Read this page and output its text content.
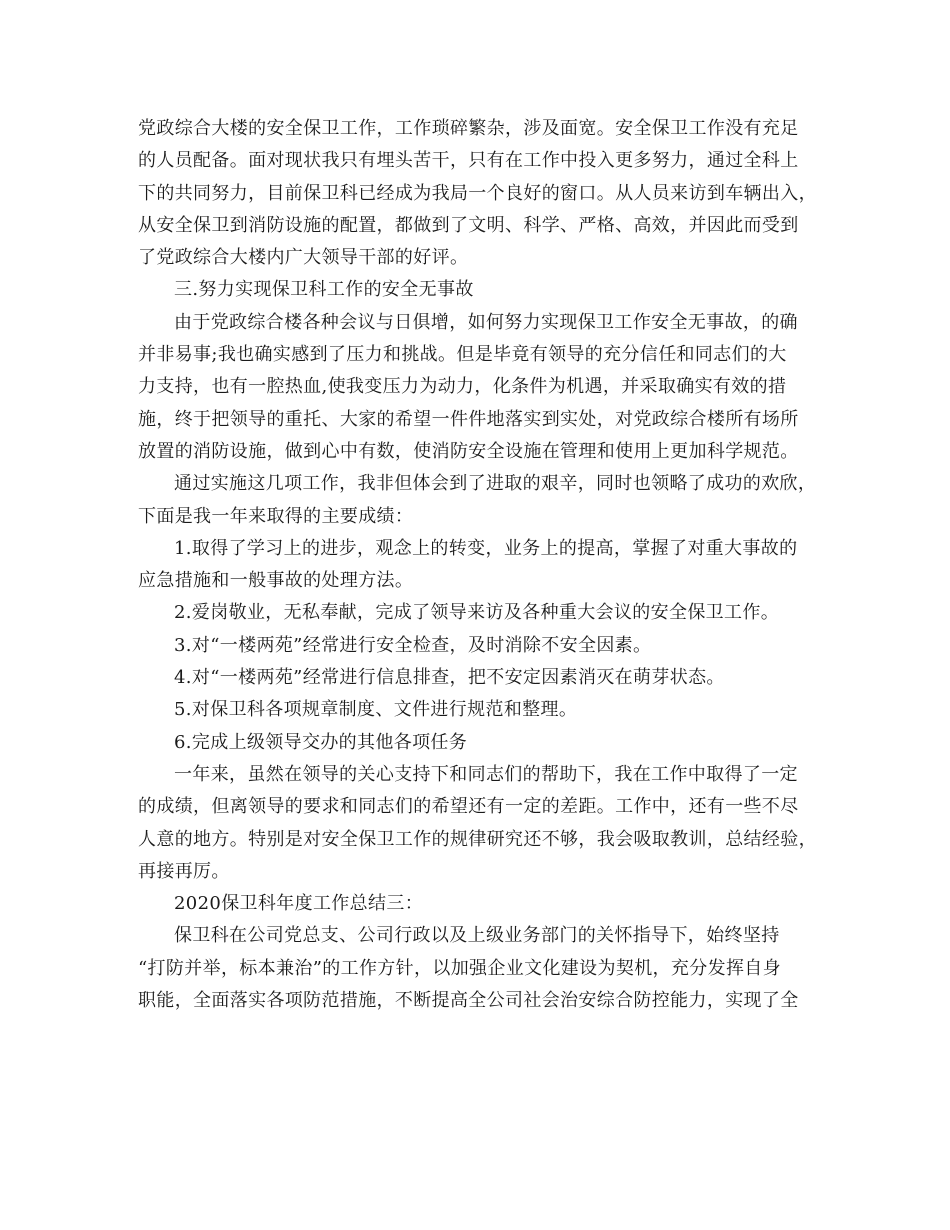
党政综合大楼的安全保卫工作，工作琐碎繁杂，涉及面宽。安全保卫工作没有充足
的人员配备。面对现状我只有埋头苦干，只有在工作中投入更多努力，通过全科上
下的共同努力，目前保卫科已经成为我局一个良好的窗口。从人员来访到车辆出入，
从安全保卫到消防设施的配置，都做到了文明、科学、严格、高效，并因此而受到
了党政综合大楼内广大领导干部的好评。
三.努力实现保卫科工作的安全无事故
由于党政综合楼各种会议与日俱增，如何努力实现保卫工作安全无事故，的确
并非易事;我也确实感到了压力和挑战。但是毕竟有领导的充分信任和同志们的大
力支持，也有一腔热血,使我变压力为动力，化条件为机遇，并采取确实有效的措
施，终于把领导的重托、大家的希望一件件地落实到实处，对党政综合楼所有场所
放置的消防设施，做到心中有数，使消防安全设施在管理和使用上更加科学规范。
通过实施这几项工作，我非但体会到了进取的艰辛，同时也领略了成功的欢欣，
下面是我一年来取得的主要成绩：
1.取得了学习上的进步，观念上的转变，业务上的提高，掌握了对重大事故的
应急措施和一般事故的处理方法。
2.爱岗敬业，无私奉献，完成了领导来访及各种重大会议的安全保卫工作。
3.对“一楼两苑”经常进行安全检查，及时消除不安全因素。
4.对“一楼两苑”经常进行信息排查，把不安定因素消灭在萌芽状态。
5.对保卫科各项规章制度、文件进行规范和整理。
6.完成上级领导交办的其他各项任务
一年来，虽然在领导的关心支持下和同志们的帮助下，我在工作中取得了一定
的成绩，但离领导的要求和同志们的希望还有一定的差距。工作中，还有一些不尽
人意的地方。特别是对安全保卫工作的规律研究还不够，我会吸取教训，总结经验，
再接再厉。
2020保卫科年度工作总结三：
保卫科在公司党总支、公司行政以及上级业务部门的关怀指导下，始终坚持
“打防并举，标本兼治”的工作方针，以加强企业文化建设为契机，充分发挥自身
职能，全面落实各项防范措施，不断提高全公司社会治安综合防控能力，实现了全
